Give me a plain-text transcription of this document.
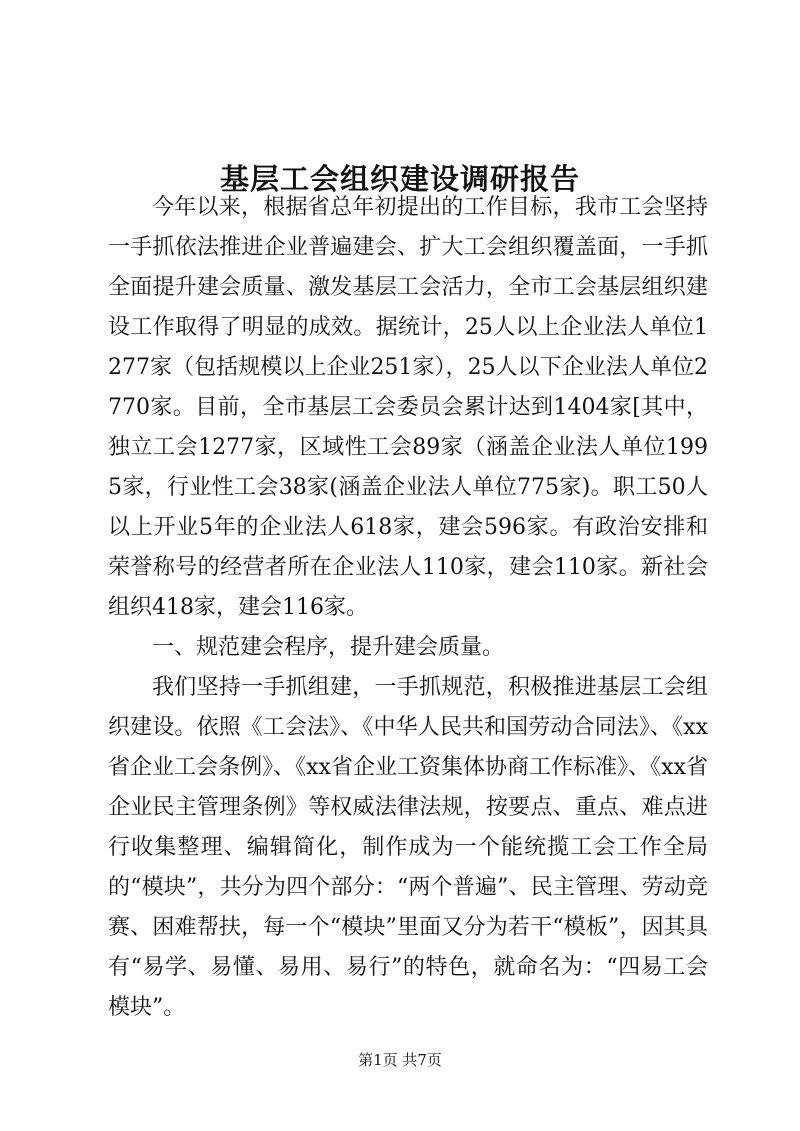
基层工会组织建设调研报告

今年以来，根据省总年初提出的工作目标，我市工会坚持一手抓依法推进企业普遍建会、扩大工会组织覆盖面，一手抓全面提升建会质量、激发基层工会活力，全市工会基层组织建设工作取得了明显的成效。据统计，25人以上企业法人单位1277家（包括规模以上企业251家），25人以下企业法人单位2770家。目前，全市基层工会委员会累计达到1404家[其中，独立工会1277家，区域性工会89家（涵盖企业法人单位1995家，行业性工会38家(涵盖企业法人单位775家)。职工50人以上开业5年的企业法人618家，建会596家。有政治安排和荣誉称号的经营者所在企业法人110家，建会110家。新社会组织418家，建会116家。

一、规范建会程序，提升建会质量。

我们坚持一手抓组建，一手抓规范，积极推进基层工会组织建设。依照《工会法》、《中华人民共和国劳动合同法》、《xx省企业工会条例》、《xx省企业工资集体协商工作标准》、《xx省企业民主管理条例》等权威法律法规，按要点、重点、难点进行收集整理、编辑简化，制作成为一个能统揽工会工作全局的“模块”，共分为四个部分：“两个普遍”、民主管理、劳动竞赛、困难帮扶，每一个“模块”里面又分为若干“模板”，因其具有“易学、易懂、易用、易行”的特色，就命名为：“四易工会模块”。

第1页 共7页
